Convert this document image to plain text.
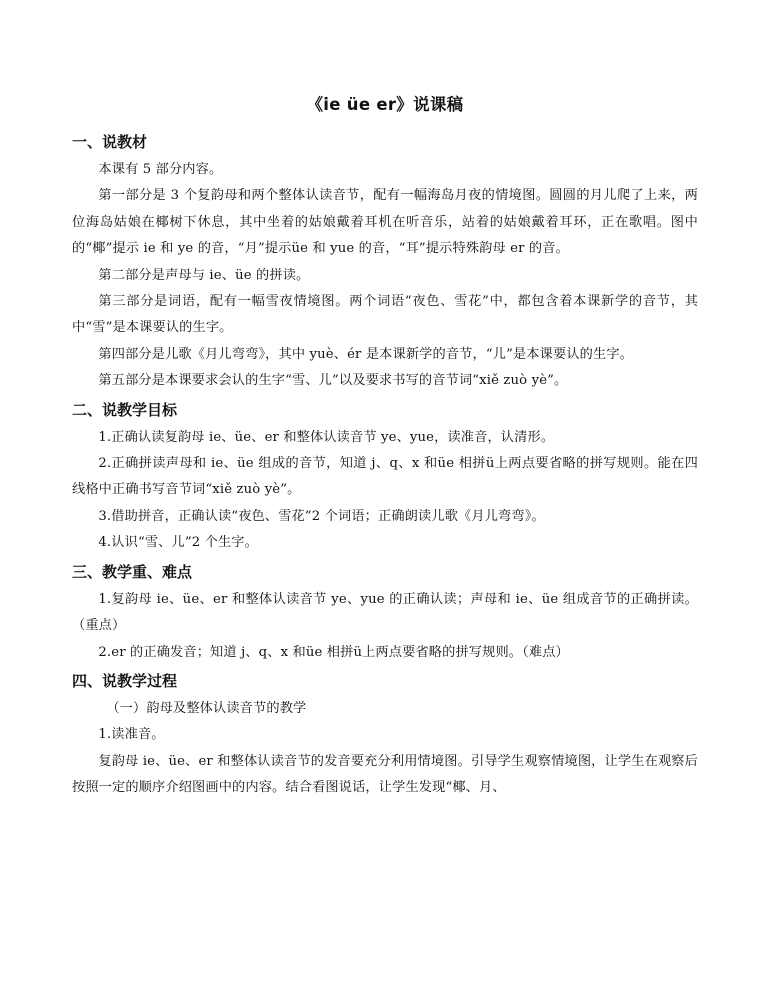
《ie üe er》说课稿
一、说教材

本课有 5 部分内容。

第一部分是 3 个复韵母和两个整体认读音节，配有一幅海岛月夜的情境图。圆圆的月儿爬了上来，两位海岛姑娘在椰树下休息，其中坐着的姑娘戴着耳机在听音乐，站着的姑娘戴着耳环，正在歌唱。图中的“椰”提示 ie 和 ye 的音，“月”提示üe 和 yue 的音，“耳”提示特殊韵母 er 的音。

第二部分是声母与 ie、üe 的拼读。

第三部分是词语，配有一幅雪夜情境图。两个词语“夜色、雪花”中，都包含着本课新学的音节，其中“雪”是本课要认的生字。

第四部分是儿歌《月儿弯弯》，其中 yuè、ér 是本课新学的音节，“儿”是本课要认的生字。

第五部分是本课要求会认的生字“雪、儿”以及要求书写的音节词“xiě zuò yè”。

二、说教学目标

1.正确认读复韵母 ie、üe、er 和整体认读音节 ye、yue，读准音，认清形。

2.正确拼读声母和 ie、üe 组成的音节，知道 j、q、x 和üe 相拼ü上两点要省略的拼写规则。能在四线格中正确书写音节词“xiě zuò yè”。

3.借助拼音，正确认读“夜色、雪花”2 个词语；正确朗读儿歌《月儿弯弯》。

4.认识“雪、儿”2 个生字。

三、教学重、难点

1.复韵母 ie、üe、er 和整体认读音节 ye、yue 的正确认读；声母和 ie、üe 组成音节的正确拼读。（重点）

2.er 的正确发音；知道 j、q、x 和üe 相拼ü上两点要省略的拼写规则。（难点）

四、说教学过程

（一）韵母及整体认读音节的教学

1.读准音。

复韵母 ie、üe、er 和整体认读音节的发音要充分利用情境图。引导学生观察情境图，让学生在观察后按照一定的顺序介绍图画中的内容。结合看图说话，让学生发现“椰、月、
